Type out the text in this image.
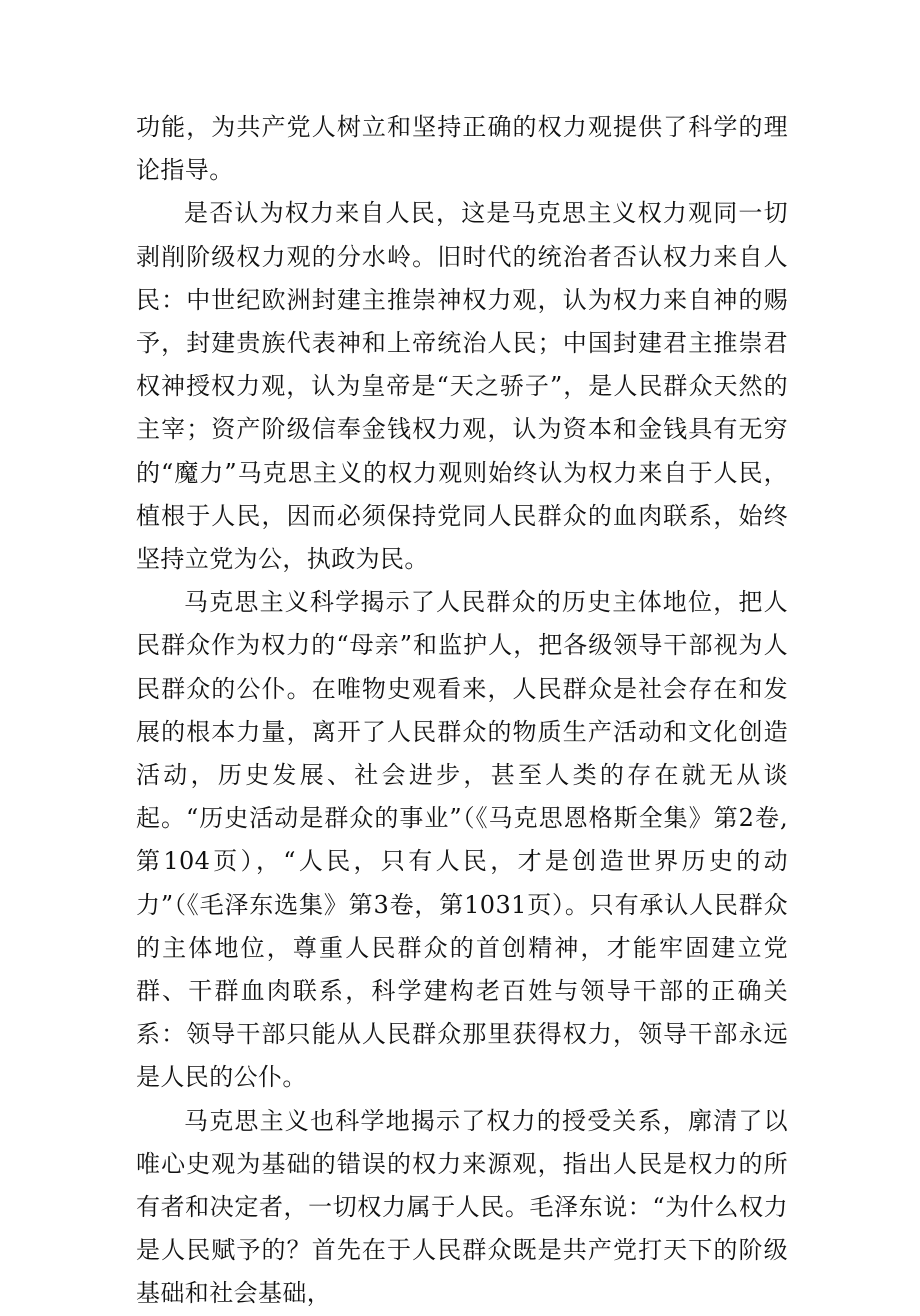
功能，为共产党人树立和坚持正确的权力观提供了科学的理论指导。

是否认为权力来自人民，这是马克思主义权力观同一切剥削阶级权力观的分水岭。旧时代的统治者否认权力来自人民：中世纪欧洲封建主推崇神权力观，认为权力来自神的赐予，封建贵族代表神和上帝统治人民；中国封建君主推崇君权神授权力观，认为皇帝是“天之骄子”，是人民群众天然的主宰；资产阶级信奉金钱权力观，认为资本和金钱具有无穷的“魔力”马克思主义的权力观则始终认为权力来自于人民，植根于人民，因而必须保持党同人民群众的血肉联系，始终坚持立党为公，执政为民。

马克思主义科学揭示了人民群众的历史主体地位，把人民群众作为权力的“母亲”和监护人，把各级领导干部视为人民群众的公仆。在唯物史观看来，人民群众是社会存在和发展的根本力量，离开了人民群众的物质生产活动和文化创造活动，历史发展、社会进步，甚至人类的存在就无从谈起。“历史活动是群众的事业”（《马克思恩格斯全集》第2卷,第104页），“人民，只有人民，才是创造世界历史的动力”（《毛泽东选集》第3卷，第1031页）。只有承认人民群众的主体地位，尊重人民群众的首创精神，才能牢固建立党群、干群血肉联系，科学建构老百姓与领导干部的正确关系：领导干部只能从人民群众那里获得权力，领导干部永远是人民的公仆。

马克思主义也科学地揭示了权力的授受关系，廓清了以唯心史观为基础的错误的权力来源观，指出人民是权力的所有者和决定者，一切权力属于人民。毛泽东说：“为什么权力是人民赋予的？首先在于人民群众既是共产党打天下的阶级基础和社会基础，
